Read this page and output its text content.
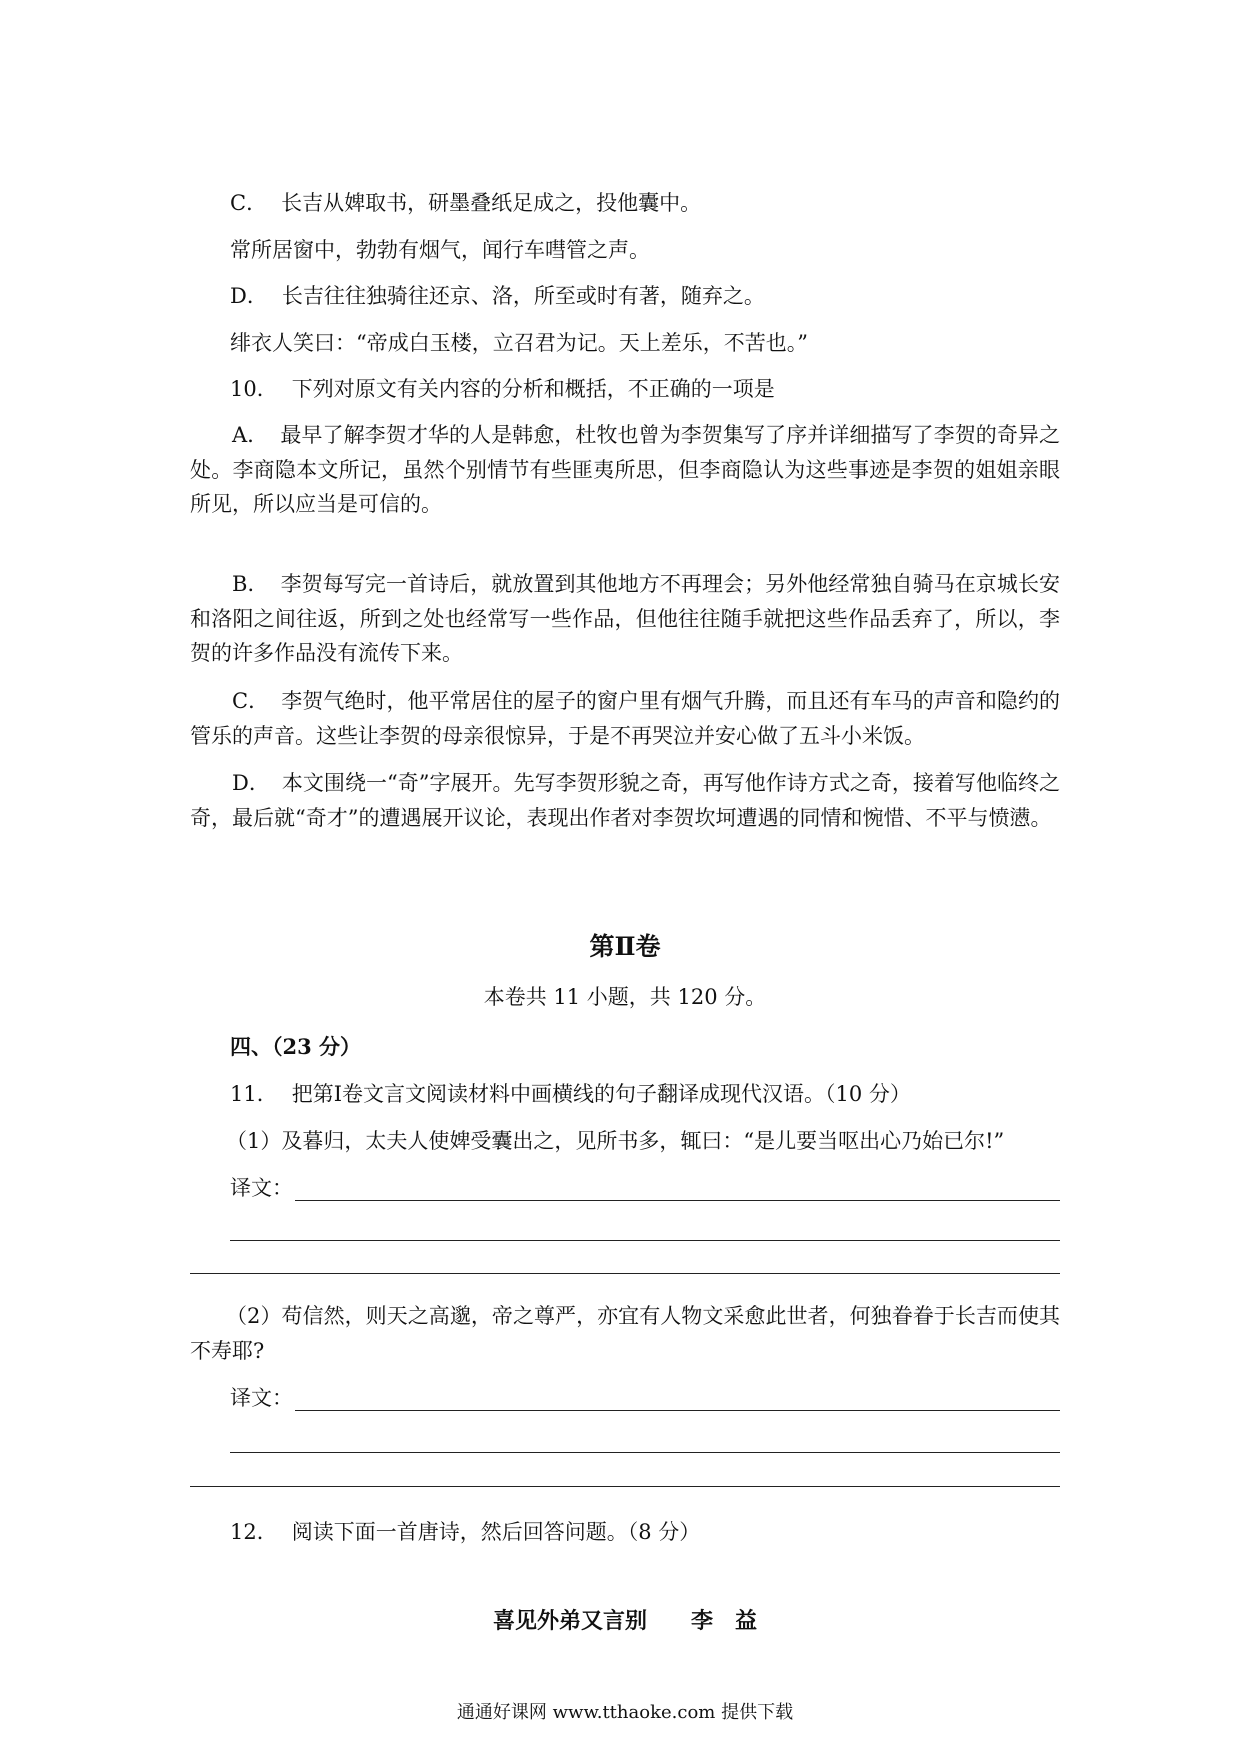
C． 长吉从婢取书，研墨叠纸足成之，投他囊中。
常所居窗中，勃勃有烟气，闻行车嘒管之声。
D． 长吉往往独骑往还京、洛，所至或时有著，随弃之。
绯衣人笑曰：“帝成白玉楼，立召君为记。天上差乐，不苦也。”
10． 下列对原文有关内容的分析和概括，不正确的一项是
A． 最早了解李贺才华的人是韩愈，杜牧也曾为李贺集写了序并详细描写了李贺的奇异之处。李商隐本文所记，虽然个别情节有些匪夷所思，但李商隐认为这些事迹是李贺的姐姐亲眼所见，所以应当是可信的。
B． 李贺每写完一首诗后，就放置到其他地方不再理会；另外他经常独自骑马在京城长安和洛阳之间往返，所到之处也经常写一些作品，但他往往随手就把这些作品丢弃了，所以，李贺的许多作品没有流传下来。
C． 李贺气绝时，他平常居住的屋子的窗户里有烟气升腾，而且还有车马的声音和隐约的管乐的声音。这些让李贺的母亲很惊异，于是不再哭泣并安心做了五斗小米饭。
D． 本文围绕一“奇”字展开。先写李贺形貌之奇，再写他作诗方式之奇，接着写他临终之奇，最后就“奇才”的遭遇展开议论，表现出作者对李贺坎坷遭遇的同情和惋惜、不平与愤懑。
第Ⅱ卷
本卷共 11 小题，共 120 分。
四、（23 分）
11． 把第Ⅰ卷文言文阅读材料中画横线的句子翻译成现代汉语。（10 分）
（1）及暮归，太夫人使婢受囊出之，见所书多，辄曰：“是儿要当呕出心乃始已尔!”
译文：
（2）苟信然，则天之高邈，帝之尊严，亦宜有人物文采愈此世者，何独眷眷于长吉而使其不寿耶?
译文：
12． 阅读下面一首唐诗，然后回答问题。（8 分）
喜见外弟又言别 李　益
通通好课网 www.tthaoke.com 提供下载
